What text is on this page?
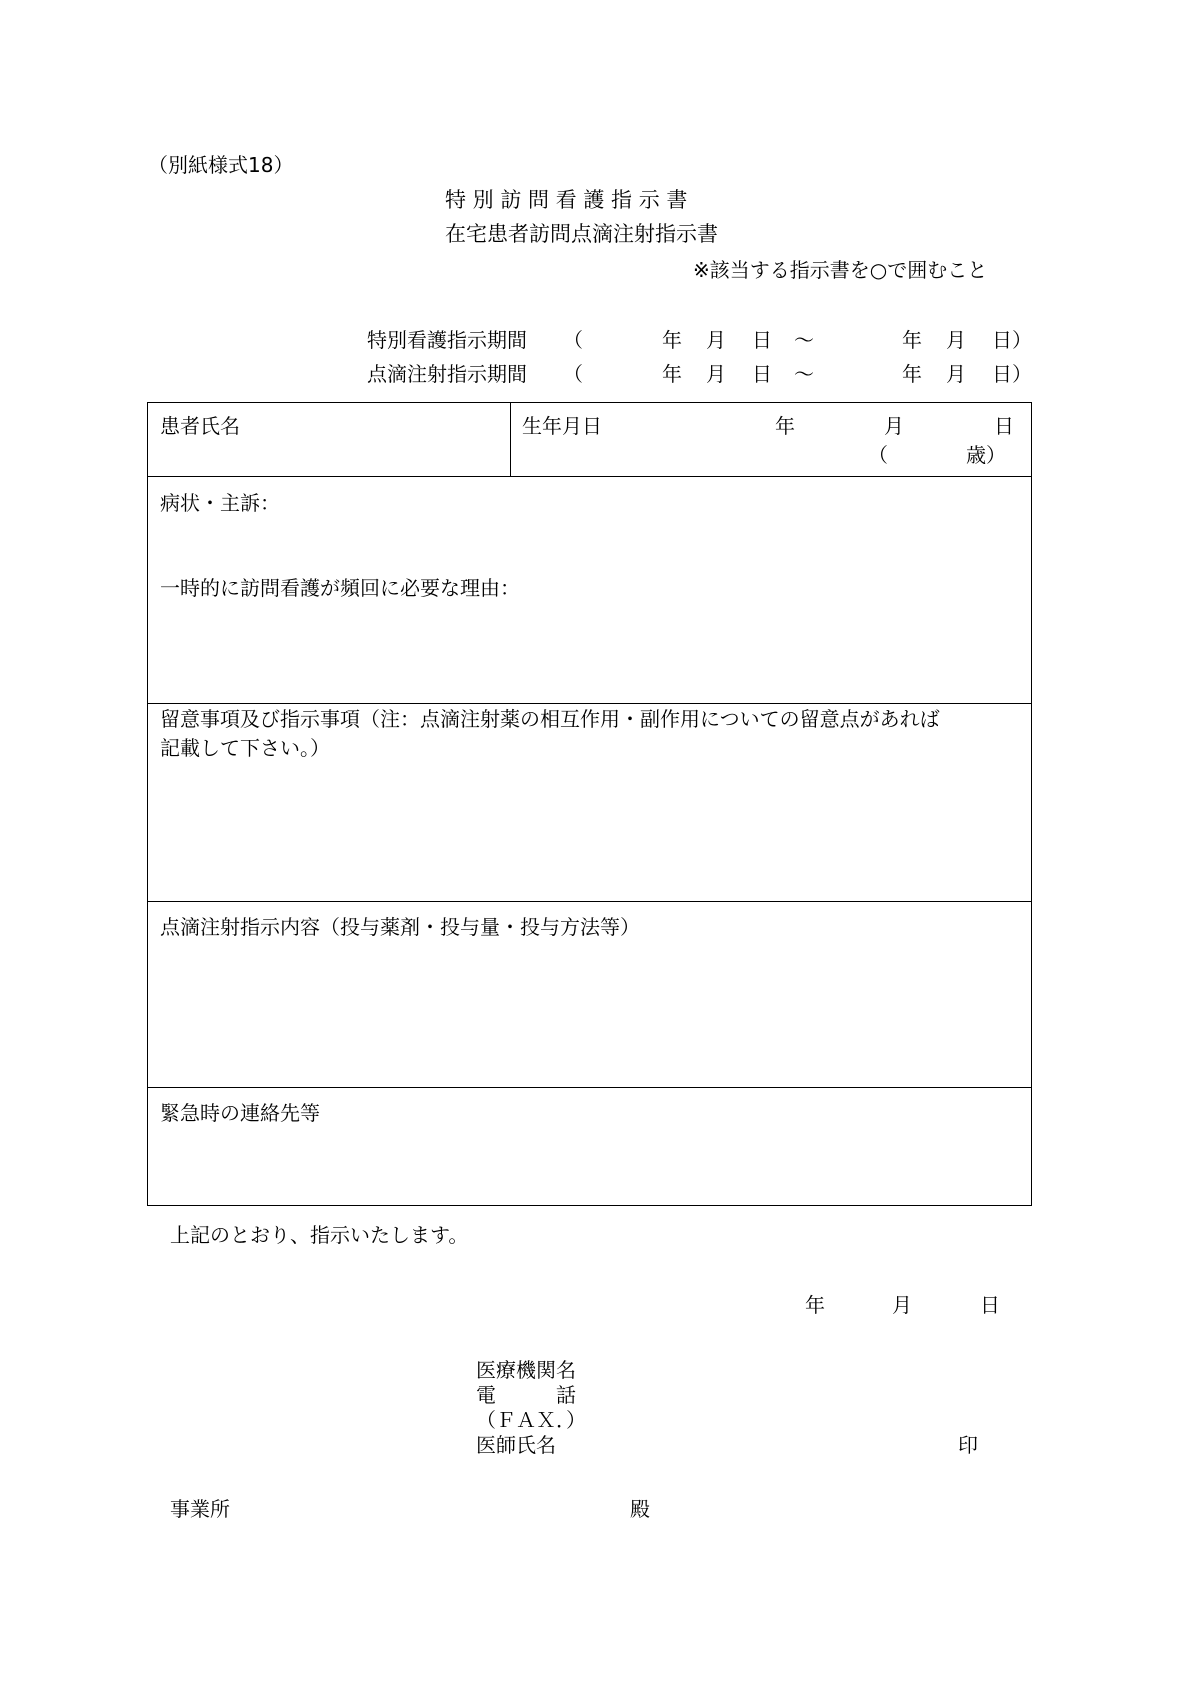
（別紙様式18）
特 別 訪 問 看 護 指 示 書
在宅患者訪問点滴注射指示書
※該当する指示書を○で囲むこと
特別看護指示期間 （	年 月 日 ～	年 月 日）
点滴注射指示期間 （	年 月 日 ～	年 月 日）
患者氏名	生年月日	年	月	日
（	歳）
病状・主訴：
一時的に訪問看護が頻回に必要な理由：
留意事項及び指示事項（注：点滴注射薬の相互作用・副作用についての留意点があれば
記載して下さい。）
点滴注射指示内容（投与薬剤・投与量・投与方法等）
緊急時の連絡先等
上記のとおり、指示いたします。
年	月	日
医療機関名
電　　　話
（ＦＡＸ．）
医師氏名	印
事業所	殿
